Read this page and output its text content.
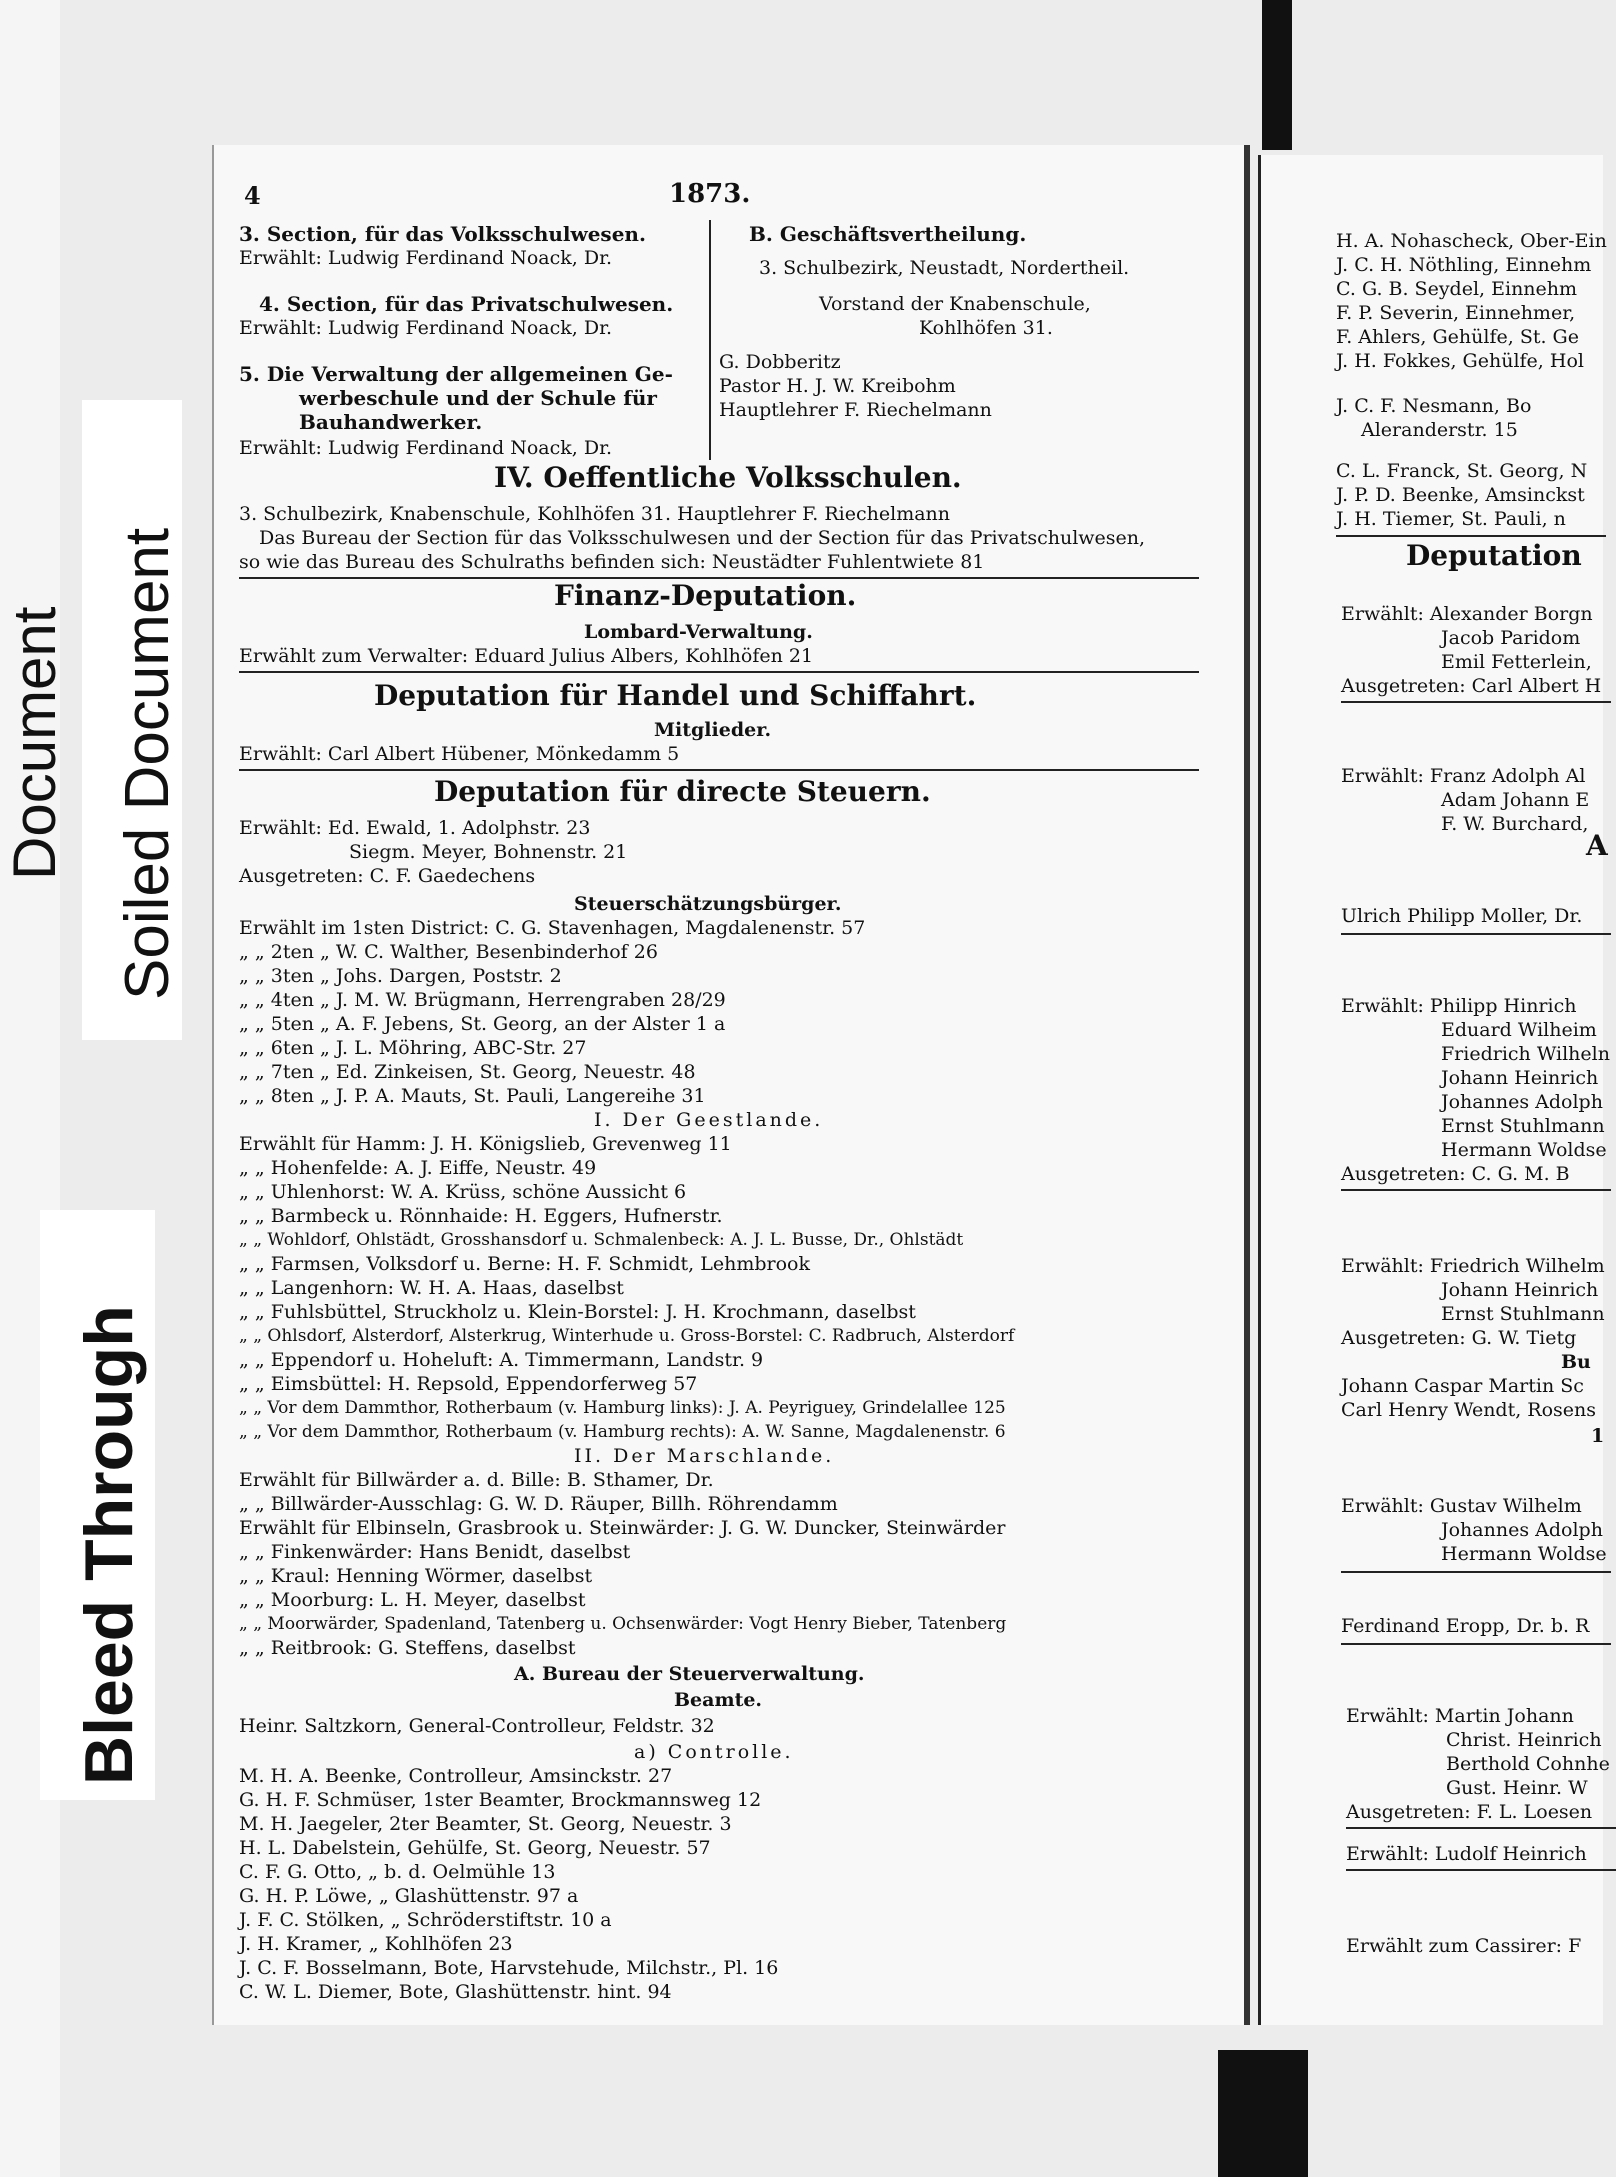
Document Soiled Document
Bleed Through
4	1873.
3. Section, für das Volksschulwesen.
Erwählt: Ludwig Ferdinand Noack, Dr.
4. Section, für das Privatschulwesen.
Erwählt: Ludwig Ferdinand Noack, Dr.
5. Die Verwaltung der allgemeinen Ge-
werbeschule und der Schule für
Bauhandwerker.
Erwählt: Ludwig Ferdinand Noack, Dr.
B. Geschäftsvertheilung.
3. Schulbezirk, Neustadt, Nordertheil.
Vorstand der Knabenschule,
Kohlhöfen 31.
G. Dobberitz
Pastor H. J. W. Kreibohm
Hauptlehrer F. Riechelmann
IV. Oeffentliche Volksschulen.
3. Schulbezirk, Knabenschule, Kohlhöfen 31. Hauptlehrer F. Riechelmann
Das Bureau der Section für das Volksschulwesen und der Section für das Privatschulwesen,
so wie das Bureau des Schulraths befinden sich: Neustädter Fuhlentwiete 81
Finanz-Deputation.
Lombard-Verwaltung.
Erwählt zum Verwalter: Eduard Julius Albers, Kohlhöfen 21
Deputation für Handel und Schiffahrt.
Mitglieder.
Erwählt: Carl Albert Hübener, Mönkedamm 5
Deputation für directe Steuern.
Erwählt: Ed. Ewald, 1. Adolphstr. 23
Siegm. Meyer, Bohnenstr. 21
Ausgetreten: C. F. Gaedechens
Steuerschätzungsbürger.
Erwählt im 1sten District: C. G. Stavenhagen, Magdalenenstr. 57
„ „ 2ten „ W. C. Walther, Besenbinderhof 26
„ „ 3ten „ Johs. Dargen, Poststr. 2
„ „ 4ten „ J. M. W. Brügmann, Herrengraben 28/29
„ „ 5ten „ A. F. Jebens, St. Georg, an der Alster 1 a
„ „ 6ten „ J. L. Möhring, ABC-Str. 27
„ „ 7ten „ Ed. Zinkeisen, St. Georg, Neuestr. 48
„ „ 8ten „ J. P. A. Mauts, St. Pauli, Langereihe 31
I. Der Geestlande.
Erwählt für Hamm: J. H. Königslieb, Grevenweg 11
„ „ Hohenfelde: A. J. Eiffe, Neustr. 49
„ „ Uhlenhorst: W. A. Krüss, schöne Aussicht 6
„ „ Barmbeck u. Rönnhaide: H. Eggers, Hufnerstr.
„ „ Wohldorf, Ohlstädt, Grosshansdorf u. Schmalenbeck: A. J. L. Busse, Dr., Ohlstädt
„ „ Farmsen, Volksdorf u. Berne: H. F. Schmidt, Lehmbrook
„ „ Langenhorn: W. H. A. Haas, daselbst
„ „ Fuhlsbüttel, Struckholz u. Klein-Borstel: J. H. Krochmann, daselbst
„ „ Ohlsdorf, Alsterdorf, Alsterkrug, Winterhude u. Gross-Borstel: C. Radbruch, Alsterdorf
„ „ Eppendorf u. Hoheluft: A. Timmermann, Landstr. 9
„ „ Eimsbüttel: H. Repsold, Eppendorferweg 57
„ „ Vor dem Dammthor, Rotherbaum (v. Hamburg links): J. A. Peyriguey, Grindelallee 125
„ „ Vor dem Dammthor, Rotherbaum (v. Hamburg rechts): A. W. Sanne, Magdalenenstr. 6
II. Der Marschlande.
Erwählt für Billwärder a. d. Bille: B. Sthamer, Dr.
„ „ Billwärder-Ausschlag: G. W. D. Räuper, Billh. Röhrendamm
Erwählt für Elbinseln, Grasbrook u. Steinwärder: J. G. W. Duncker, Steinwärder
„ „ Finkenwärder: Hans Benidt, daselbst
„ „ Kraul: Henning Wörmer, daselbst
„ „ Moorburg: L. H. Meyer, daselbst
„ „ Moorwärder, Spadenland, Tatenberg u. Ochsenwärder: Vogt Henry Bieber, Tatenberg
„ „ Reitbrook: G. Steffens, daselbst
A. Bureau der Steuerverwaltung.
Beamte.
Heinr. Saltzkorn, General-Controlleur, Feldstr. 32
a) Controlle.
M. H. A. Beenke, Controlleur, Amsinckstr. 27
G. H. F. Schmüser, 1ster Beamter, Brockmannsweg 12
M. H. Jaegeler, 2ter Beamter, St. Georg, Neuestr. 3
H. L. Dabelstein, Gehülfe, St. Georg, Neuestr. 57
C. F. G. Otto, „ b. d. Oelmühle 13
G. H. P. Löwe, „ Glashüttenstr. 97 a
J. F. C. Stölken, „ Schröderstiftstr. 10 a
J. H. Kramer, „ Kohlhöfen 23
J. C. F. Bosselmann, Bote, Harvstehude, Milchstr., Pl. 16
C. W. L. Diemer, Bote, Glashüttenstr. hint. 94
H. A. Nohascheck, Ober-Ein
J. C. H. Nöthling, Einnehm
C. G. B. Seydel, Einnehm
F. P. Severin, Einnehmer,
F. Ahlers, Gehülfe, St. Ge
J. H. Fokkes, Gehülfe, Hol
J. C. F. Nesmann, Bo
Aleranderstr. 15
C. L. Franck, St. Georg, N
J. P. D. Beenke, Amsinckst
J. H. Tiemer, St. Pauli, n
Deputation
Erwählt: Alexander Borgn
Jacob Paridom
Emil Fetterlein,
Ausgetreten: Carl Albert H
Erwählt: Franz Adolph Al
Adam Johann E
F. W. Burchard,
A
Ulrich Philipp Moller, Dr.
Erwählt: Philipp Hinrich
Eduard Wilheim
Friedrich Wilheln
Johann Heinrich
Johannes Adolph
Ernst Stuhlmann
Hermann Woldse
Ausgetreten: C. G. M. B
Erwählt: Friedrich Wilhelm
Johann Heinrich
Ernst Stuhlmann
Ausgetreten: G. W. Tietg
Bu
Johann Caspar Martin Sc
Carl Henry Wendt, Rosens
1
Erwählt: Gustav Wilhelm
Johannes Adolph
Hermann Woldse
Ferdinand Eropp, Dr. b. R
Erwählt: Martin Johann
Christ. Heinrich
Berthold Cohnhe
Gust. Heinr. W
Ausgetreten: F. L. Loesen
Erwählt: Ludolf Heinrich
Erwählt zum Cassirer: F
